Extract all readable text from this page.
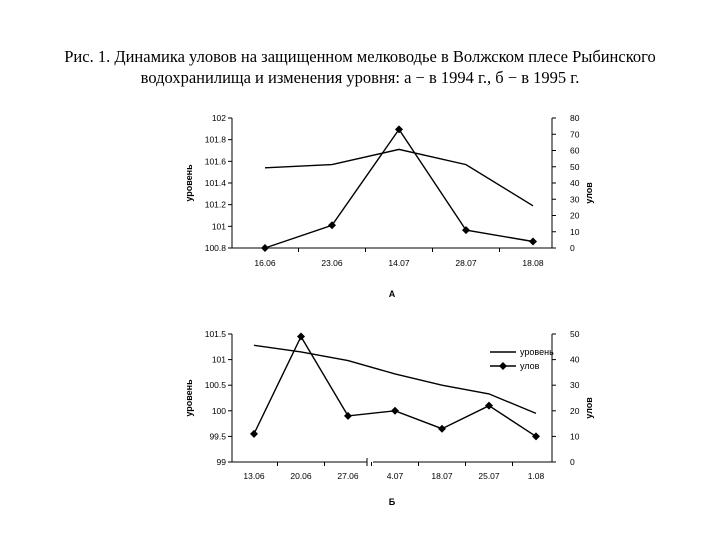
Рис. 1. Динамика уловов на защищенном мелководье в Волжском плесе Рыбинского
водохранилища и изменения уровня: а − в 1994 г., б − в 1995 г.
100.8
101
101.2
101.4
101.6
101.8
102
0
10
20
30
40
50
60
70
80
16.06	23.06	14.07	28.07	18.08
уровень	улов
А
99
99.5
100
100.5
101
101.5
0
10
20
30
40
50
13.06	20.06	27.06	4.07	18.07	25.07	1.08
уровень	улов
Б
уровень
улов
